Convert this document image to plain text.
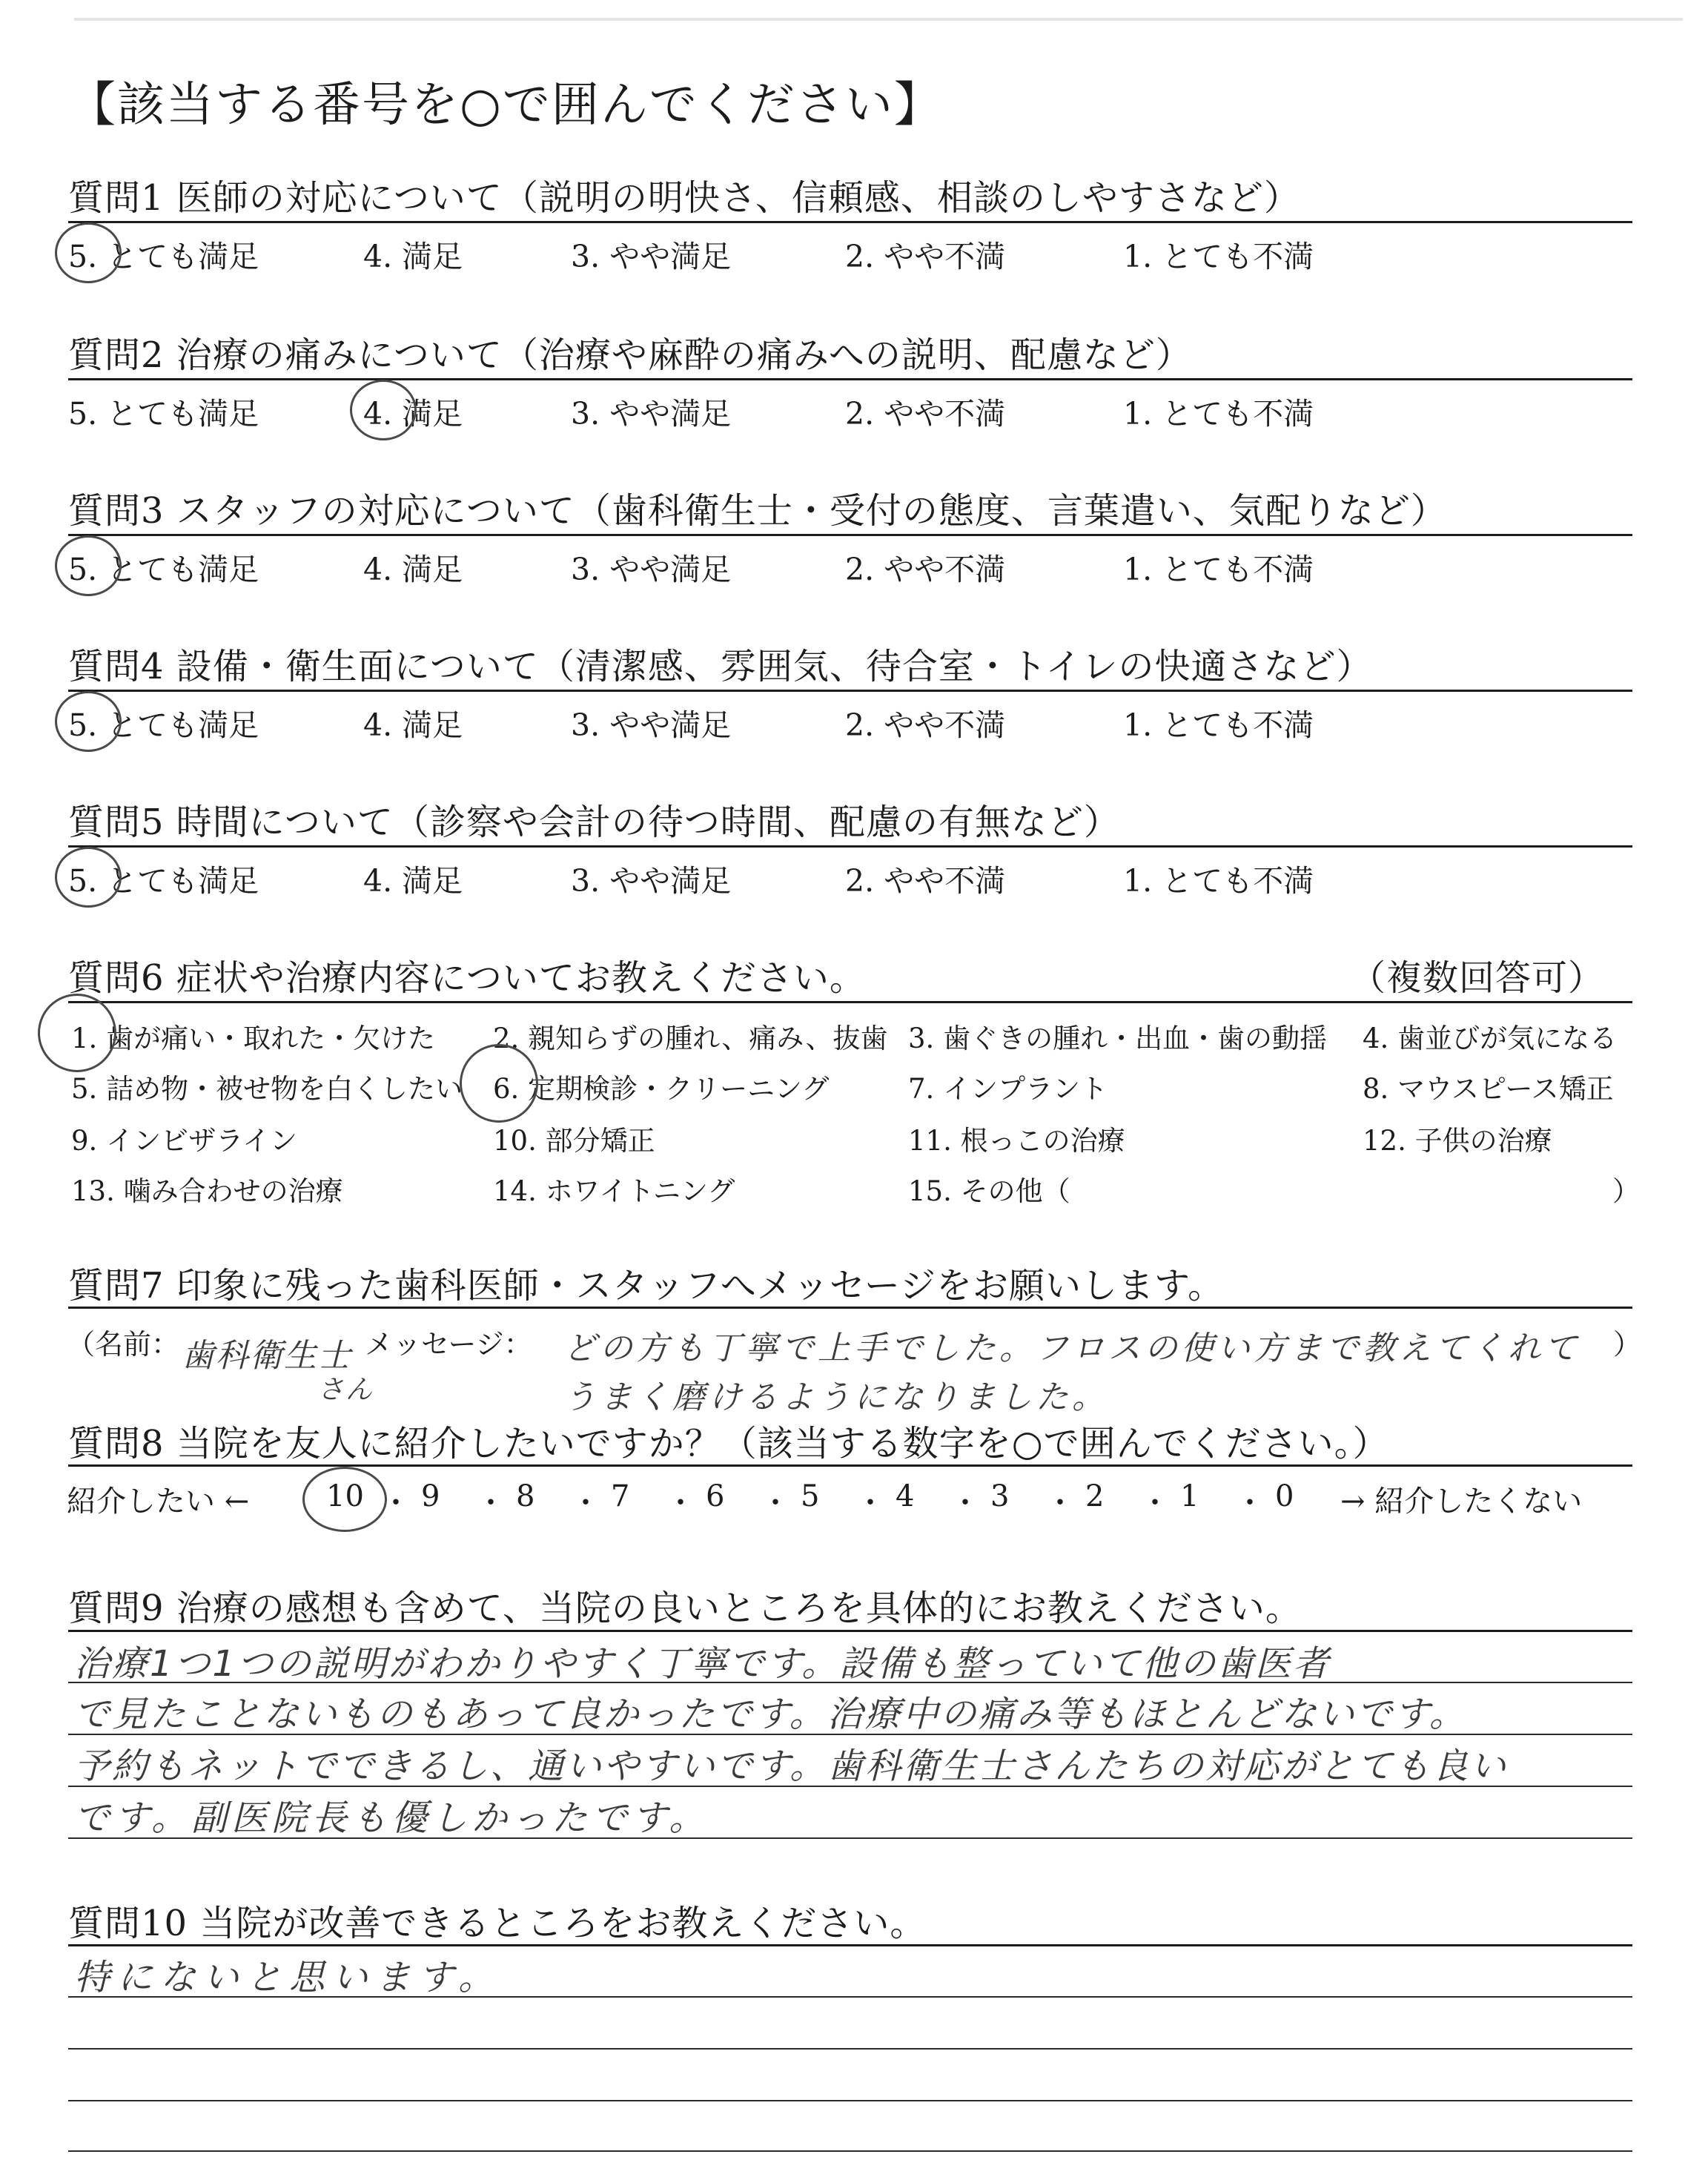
【該当する番号を○で囲んでください】
質問1 医師の対応について（説明の明快さ、信頼感、相談のしやすさなど）
5. とても満足	4. 満足	3. やや満足	2. やや不満	1. とても不満
質問2 治療の痛みについて（治療や麻酔の痛みへの説明、配慮など）
5. とても満足	4. 満足	3. やや満足	2. やや不満	1. とても不満
質問3 スタッフの対応について（歯科衛生士・受付の態度、言葉遣い、気配りなど）
5. とても満足	4. 満足	3. やや満足	2. やや不満	1. とても不満
質問4 設備・衛生面について（清潔感、雰囲気、待合室・トイレの快適さなど）
5. とても満足	4. 満足	3. やや満足	2. やや不満	1. とても不満
質問5 時間について（診察や会計の待つ時間、配慮の有無など）
5. とても満足	4. 満足	3. やや満足	2. やや不満	1. とても不満
質問6 症状や治療内容についてお教えください。	（複数回答可）
1. 歯が痛い・取れた・欠けた 2. 親知らずの腫れ、痛み、抜歯 3. 歯ぐきの腫れ・出血・歯の動揺 4. 歯並びが気になる
5. 詰め物・被せ物を白くしたい 6. 定期検診・クリーニング	7. インプラント	8. マウスピース矯正
9. インビザライン	10. 部分矯正	11. 根っこの治療	12. 子供の治療
13. 噛み合わせの治療	14. ホワイトニング	15. その他（	）
質問7 印象に残った歯科医師・スタッフへメッセージをお願いします。
（名前： 歯科衛生士 メッセージ：
さん
どの方も丁寧で上手でした。フロスの使い方まで教えてくれて ）
うまく磨けるようになりました。
質問8 当院を友人に紹介したいですか？（該当する数字を○で囲んでください。）
紹介したい ←	→ 紹介したくない
10 ・ 9 ・ 8 ・ 7 ・ 6 ・ 5 ・ 4 ・ 3 ・ 2 ・ 1 ・ 0
質問9 治療の感想も含めて、当院の良いところを具体的にお教えください。
治療1つ1つの説明がわかりやすく丁寧です。設備も整っていて他の歯医者
で見たことないものもあって良かったです。治療中の痛み等もほとんどないです。
予約もネットでできるし、通いやすいです。歯科衛生士さんたちの対応がとても良い
です。副医院長も優しかったです。
質問10 当院が改善できるところをお教えください。
特にないと思います。
